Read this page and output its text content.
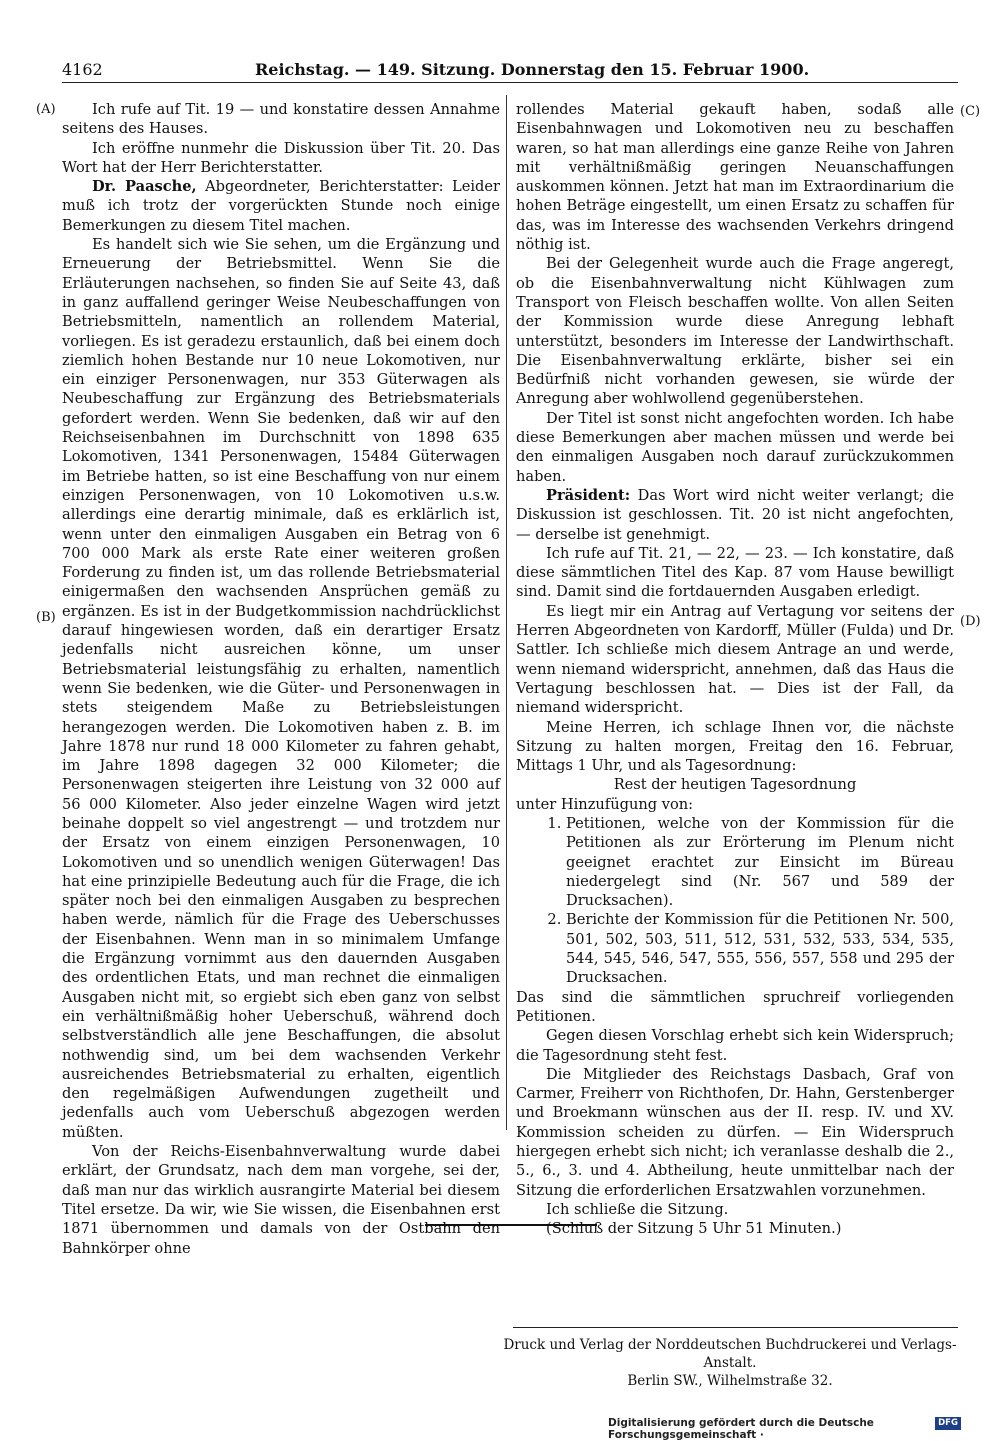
4162	Reichstag. — 149. Sitzung. Donnerstag den 15. Februar 1900.
(A)
(B)
(C)
(D)

Ich rufe auf Tit. 19 — und konstatire dessen Annahme seitens des Hauses.

Ich eröffne nunmehr die Diskussion über Tit. 20. Das Wort hat der Herr Berichterstatter.

Dr. Paasche, Abgeordneter, Berichterstatter: Leider muß ich trotz der vorgerückten Stunde noch einige Bemerkungen zu diesem Titel machen.

Es handelt sich wie Sie sehen, um die Ergänzung und Erneuerung der Betriebsmittel. Wenn Sie die Erläuterungen nachsehen, so finden Sie auf Seite 43, daß in ganz auffallend geringer Weise Neubeschaffungen von Betriebsmitteln, namentlich an rollendem Material, vorliegen. Es ist geradezu erstaunlich, daß bei einem doch ziemlich hohen Bestande nur 10 neue Lokomotiven, nur ein einziger Personenwagen, nur 353 Güterwagen als Neubeschaffung zur Ergänzung des Betriebsmaterials gefordert werden. Wenn Sie bedenken, daß wir auf den Reichseisenbahnen im Durchschnitt von 1898 635 Lokomotiven, 1341 Personenwagen, 15484 Güterwagen im Betriebe hatten, so ist eine Beschaffung von nur einem einzigen Personenwagen, von 10 Lokomotiven u.s.w. allerdings eine derartig minimale, daß es erklärlich ist, wenn unter den einmaligen Ausgaben ein Betrag von 6 700 000 Mark als erste Rate einer weiteren großen Forderung zu finden ist, um das rollende Betriebsmaterial einigermaßen den wachsenden Ansprüchen gemäß zu ergänzen. Es ist in der Budgetkommission nachdrücklichst darauf hingewiesen worden, daß ein derartiger Ersatz jedenfalls nicht ausreichen könne, um unser Betriebsmaterial leistungsfähig zu erhalten, namentlich wenn Sie bedenken, wie die Güter- und Personenwagen in stets steigendem Maße zu Betriebsleistungen herangezogen werden. Die Lokomotiven haben z. B. im Jahre 1878 nur rund 18 000 Kilometer zu fahren gehabt, im Jahre 1898 dagegen 32 000 Kilometer; die Personenwagen steigerten ihre Leistung von 32 000 auf 56 000 Kilometer. Also jeder einzelne Wagen wird jetzt beinahe doppelt so viel angestrengt — und trotzdem nur der Ersatz von einem einzigen Personenwagen, 10 Lokomotiven und so unendlich wenigen Güterwagen! Das hat eine prinzipielle Bedeutung auch für die Frage, die ich später noch bei den einmaligen Ausgaben zu besprechen haben werde, nämlich für die Frage des Ueberschusses der Eisenbahnen. Wenn man in so minimalem Umfange die Ergänzung vornimmt aus den dauernden Ausgaben des ordentlichen Etats, und man rechnet die einmaligen Ausgaben nicht mit, so ergiebt sich eben ganz von selbst ein verhältnißmäßig hoher Ueberschuß, während doch selbstverständlich alle jene Beschaffungen, die absolut nothwendig sind, um bei dem wachsenden Verkehr ausreichendes Betriebsmaterial zu erhalten, eigentlich den regelmäßigen Aufwendungen zugetheilt und jedenfalls auch vom Ueberschuß abgezogen werden müßten.

Von der Reichs-Eisenbahnverwaltung wurde dabei erklärt, der Grundsatz, nach dem man vorgehe, sei der, daß man nur das wirklich ausrangirte Material bei diesem Titel ersetze. Da wir, wie Sie wissen, die Eisenbahnen erst 1871 übernommen und damals von der Ostbahn den Bahnkörper ohne

rollendes Material gekauft haben, sodaß alle Eisenbahnwagen und Lokomotiven neu zu beschaffen waren, so hat man allerdings eine ganze Reihe von Jahren mit verhältnißmäßig geringen Neuanschaffungen auskommen können. Jetzt hat man im Extraordinarium die hohen Beträge eingestellt, um einen Ersatz zu schaffen für das, was im Interesse des wachsenden Verkehrs dringend nöthig ist.

Bei der Gelegenheit wurde auch die Frage angeregt, ob die Eisenbahnverwaltung nicht Kühlwagen zum Transport von Fleisch beschaffen wollte. Von allen Seiten der Kommission wurde diese Anregung lebhaft unterstützt, besonders im Interesse der Landwirthschaft. Die Eisenbahnverwaltung erklärte, bisher sei ein Bedürfniß nicht vorhanden gewesen, sie würde der Anregung aber wohlwollend gegenüberstehen.

Der Titel ist sonst nicht angefochten worden. Ich habe diese Bemerkungen aber machen müssen und werde bei den einmaligen Ausgaben noch darauf zurückzukommen haben.

Präsident: Das Wort wird nicht weiter verlangt; die Diskussion ist geschlossen. Tit. 20 ist nicht angefochten, — derselbe ist genehmigt.

Ich rufe auf Tit. 21, — 22, — 23. — Ich konstatire, daß diese sämmtlichen Titel des Kap. 87 vom Hause bewilligt sind. Damit sind die fortdauernden Ausgaben erledigt.

Es liegt mir ein Antrag auf Vertagung vor seitens der Herren Abgeordneten von Kardorff, Müller (Fulda) und Dr. Sattler. Ich schließe mich diesem Antrage an und werde, wenn niemand widerspricht, annehmen, daß das Haus die Vertagung beschlossen hat. — Dies ist der Fall, da niemand widerspricht.

Meine Herren, ich schlage Ihnen vor, die nächste Sitzung zu halten morgen, Freitag den 16. Februar, Mittags 1 Uhr, und als Tagesordnung:

Rest der heutigen Tagesordnung

unter Hinzufügung von:

1. Petitionen, welche von der Kommission für die Petitionen als zur Erörterung im Plenum nicht geeignet erachtet zur Einsicht im Büreau niedergelegt sind (Nr. 567 und 589 der Drucksachen).
2. Berichte der Kommission für die Petitionen Nr. 500, 501, 502, 503, 511, 512, 531, 532, 533, 534, 535, 544, 545, 546, 547, 555, 556, 557, 558 und 295 der Drucksachen.

Das sind die sämmtlichen spruchreif vorliegenden Petitionen.

Gegen diesen Vorschlag erhebt sich kein Widerspruch; die Tagesordnung steht fest.

Die Mitglieder des Reichstags Dasbach, Graf von Carmer, Freiherr von Richthofen, Dr. Hahn, Gerstenberger und Broekmann wünschen aus der II. resp. IV. und XV. Kommission scheiden zu dürfen. — Ein Widerspruch hiergegen erhebt sich nicht; ich veranlasse deshalb die 2., 5., 6., 3. und 4. Abtheilung, heute unmittelbar nach der Sitzung die erforderlichen Ersatzwahlen vorzunehmen.

Ich schließe die Sitzung.

(Schluß der Sitzung 5 Uhr 51 Minuten.)

Druck und Verlag der Norddeutschen Buchdruckerei und Verlags-Anstalt.
Berlin SW., Wilhelmstraße 32.
Digitalisierung gefördert durch die Deutsche Forschungsgemeinschaft ·
DFG
